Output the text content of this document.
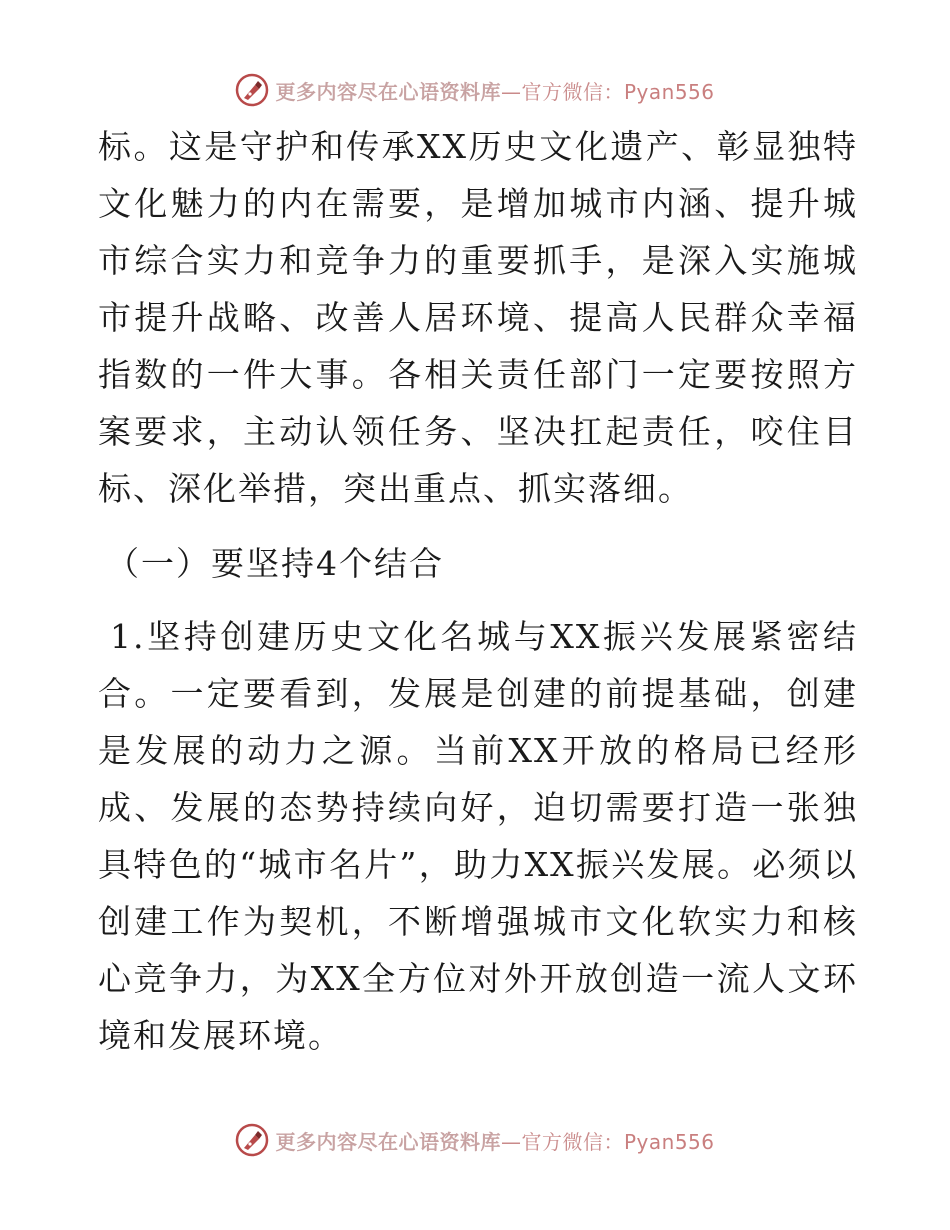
更多内容尽在心语资料库—官方微信：Pyan556

标。这是守护和传承XX历史文化遗产、彰显独特文化魅力的内在需要，是增加城市内涵、提升城市综合实力和竞争力的重要抓手，是深入实施城市提升战略、改善人居环境、提高人民群众幸福指数的一件大事。各相关责任部门一定要按照方案要求，主动认领任务、坚决扛起责任，咬住目标、深化举措，突出重点、抓实落细。

（一）要坚持4个结合

1.坚持创建历史文化名城与XX振兴发展紧密结合。一定要看到，发展是创建的前提基础，创建是发展的动力之源。当前XX开放的格局已经形成、发展的态势持续向好，迫切需要打造一张独具特色的“城市名片”，助力XX振兴发展。必须以创建工作为契机，不断增强城市文化软实力和核心竞争力，为XX全方位对外开放创造一流人文环境和发展环境。

更多内容尽在心语资料库—官方微信：Pyan556
